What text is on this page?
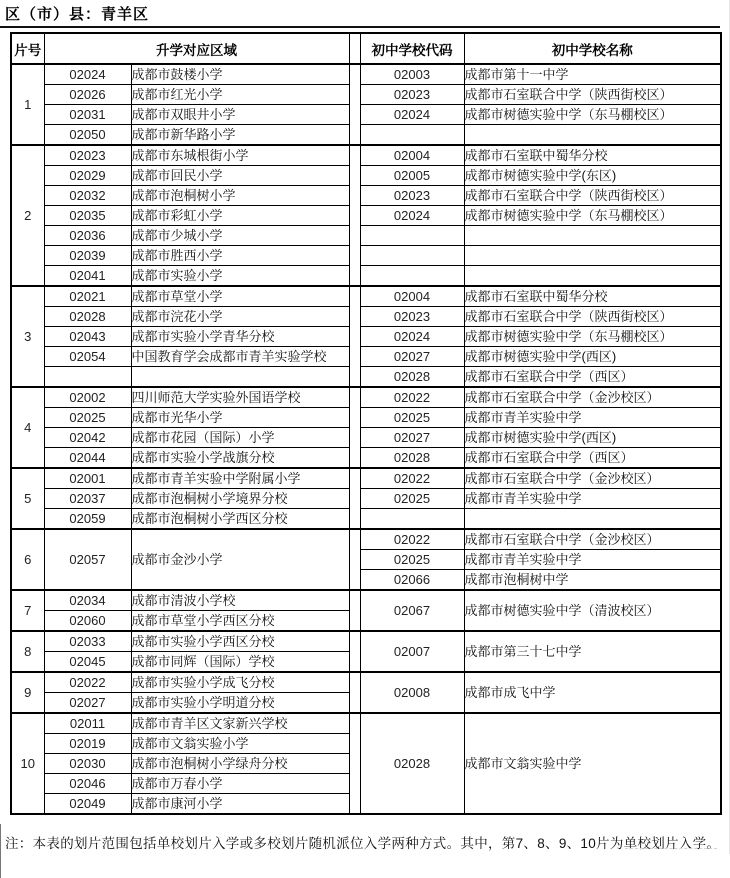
区（市）县：青羊区
片号	升学对应区域			初中学校代码	初中学校名称
1	02024	成都市鼓楼小学		02003	成都市第十一中学
	02026	成都市红光小学		02023	成都市石室联合中学（陕西街校区）
	02031	成都市双眼井小学		02024	成都市树德实验中学（东马棚校区）
	02050	成都市新华路小学			
2	02023	成都市东城根街小学		02004	成都市石室联中蜀华分校
	02029	成都市回民小学		02005	成都市树德实验中学(东区)
	02032	成都市泡桐树小学		02023	成都市石室联合中学（陕西街校区）
	02035	成都市彩虹小学		02024	成都市树德实验中学（东马棚校区）
	02036	成都市少城小学			
	02039	成都市胜西小学			
	02041	成都市实验小学			
3	02021	成都市草堂小学		02004	成都市石室联中蜀华分校
	02028	成都市浣花小学		02023	成都市石室联合中学（陕西街校区）
	02043	成都市实验小学青华分校		02024	成都市树德实验中学（东马棚校区）
	02054	中国教育学会成都市青羊实验学校		02027	成都市树德实验中学(西区)
				02028	成都市石室联合中学（西区）
4	02002	四川师范大学实验外国语学校		02022	成都市石室联合中学（金沙校区）
	02025	成都市光华小学		02025	成都市青羊实验中学
	02042	成都市花园（国际）小学		02027	成都市树德实验中学(西区)
	02044	成都市实验小学战旗分校		02028	成都市石室联合中学（西区）
5	02001	成都市青羊实验中学附属小学		02022	成都市石室联合中学（金沙校区）
	02037	成都市泡桐树小学境界分校		02025	成都市青羊实验中学
	02059	成都市泡桐树小学西区分校			
6	02057	成都市金沙小学		02022	成都市石室联合中学（金沙校区）
				02025	成都市青羊实验中学
				02066	成都市泡桐树中学
7	02034	成都市清波小学校		02067	成都市树德实验中学（清波校区）
	02060	成都市草堂小学西区分校			
8	02033	成都市实验小学西区分校		02007	成都市第三十七中学
	02045	成都市同辉（国际）学校			
9	02022	成都市实验小学成飞分校		02008	成都市成飞中学
	02027	成都市实验小学明道分校			
10	02011	成都市青羊区文家新兴学校		02028	成都市文翁实验中学
	02019	成都市文翁实验小学			
	02030	成都市泡桐树小学绿舟分校			
	02046	成都市万春小学			
	02049	成都市康河小学			
注：本表的划片范围包括单校划片入学或多校划片随机派位入学两种方式。其中，第7、8、9、10片为单校划片入学。
